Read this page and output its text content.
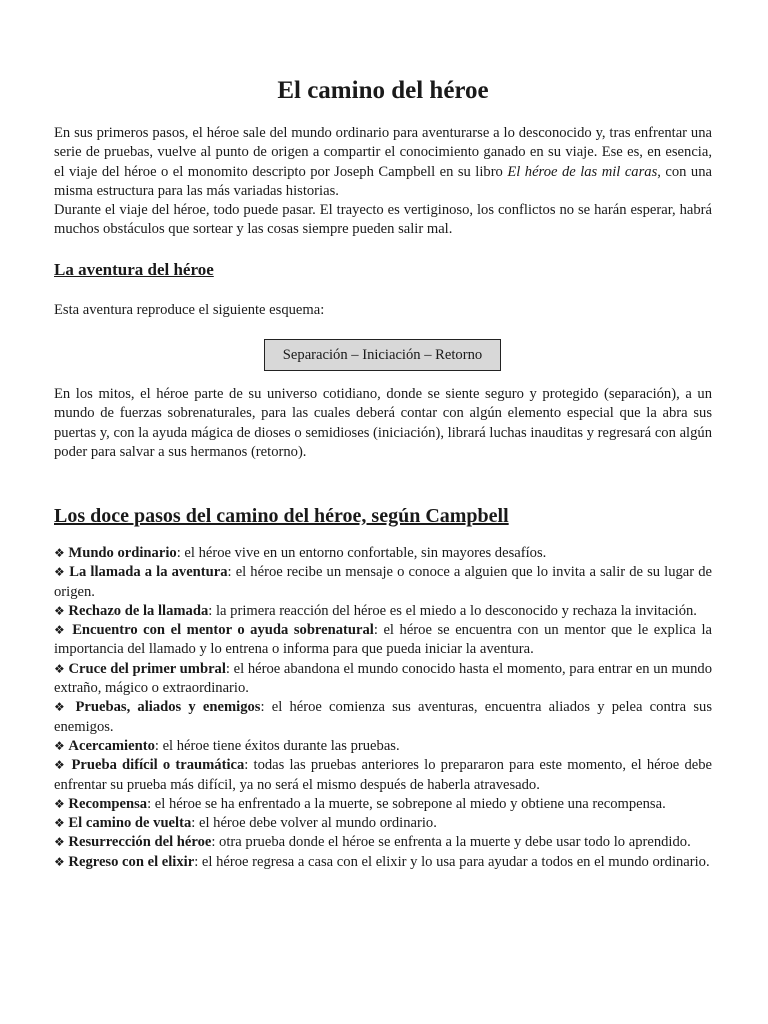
El camino del héroe

En sus primeros pasos, el héroe sale del mundo ordinario para aventurarse a lo desconocido y, tras enfrentar una serie de pruebas, vuelve al punto de origen a compartir el conocimiento ganado en su viaje. Ese es, en esencia, el viaje del héroe o el monomito descripto por Joseph Campbell en su libro El héroe de las mil caras, con una misma estructura para las más variadas historias.

Durante el viaje del héroe, todo puede pasar. El trayecto es vertiginoso, los conflictos no se harán esperar, habrá muchos obstáculos que sortear y las cosas siempre pueden salir mal.

La aventura del héroe

Esta aventura reproduce el siguiente esquema:

Separación – Iniciación – Retorno

En los mitos, el héroe parte de su universo cotidiano, donde se siente seguro y protegido (separación), a un mundo de fuerzas sobrenaturales, para las cuales deberá contar con algún elemento especial que la abra sus puertas y, con la ayuda mágica de dioses o semidioses (iniciación), librará luchas inauditas y regresará con algún poder para salvar a sus hermanos (retorno).

Los doce pasos del camino del héroe, según Campbell
❖ Mundo ordinario: el héroe vive en un entorno confortable, sin mayores desafíos.
❖ La llamada a la aventura: el héroe recibe un mensaje o conoce a alguien que lo invita a salir de su lugar de origen.
❖ Rechazo de la llamada: la primera reacción del héroe es el miedo a lo desconocido y rechaza la invitación.
❖ Encuentro con el mentor o ayuda sobrenatural: el héroe se encuentra con un mentor que le explica la importancia del llamado y lo entrena o informa para que pueda iniciar la aventura.
❖ Cruce del primer umbral: el héroe abandona el mundo conocido hasta el momento, para entrar en un mundo extraño, mágico o extraordinario.
❖ Pruebas, aliados y enemigos: el héroe comienza sus aventuras, encuentra aliados y pelea contra sus enemigos.
❖ Acercamiento: el héroe tiene éxitos durante las pruebas.
❖ Prueba difícil o traumática: todas las pruebas anteriores lo prepararon para este momento, el héroe debe enfrentar su prueba más difícil, ya no será el mismo después de haberla atravesado.
❖ Recompensa: el héroe se ha enfrentado a la muerte, se sobrepone al miedo y obtiene una recompensa.
❖ El camino de vuelta: el héroe debe volver al mundo ordinario.
❖ Resurrección del héroe: otra prueba donde el héroe se enfrenta a la muerte y debe usar todo lo aprendido.
❖ Regreso con el elixir: el héroe regresa a casa con el elixir y lo usa para ayudar a todos en el mundo ordinario.
